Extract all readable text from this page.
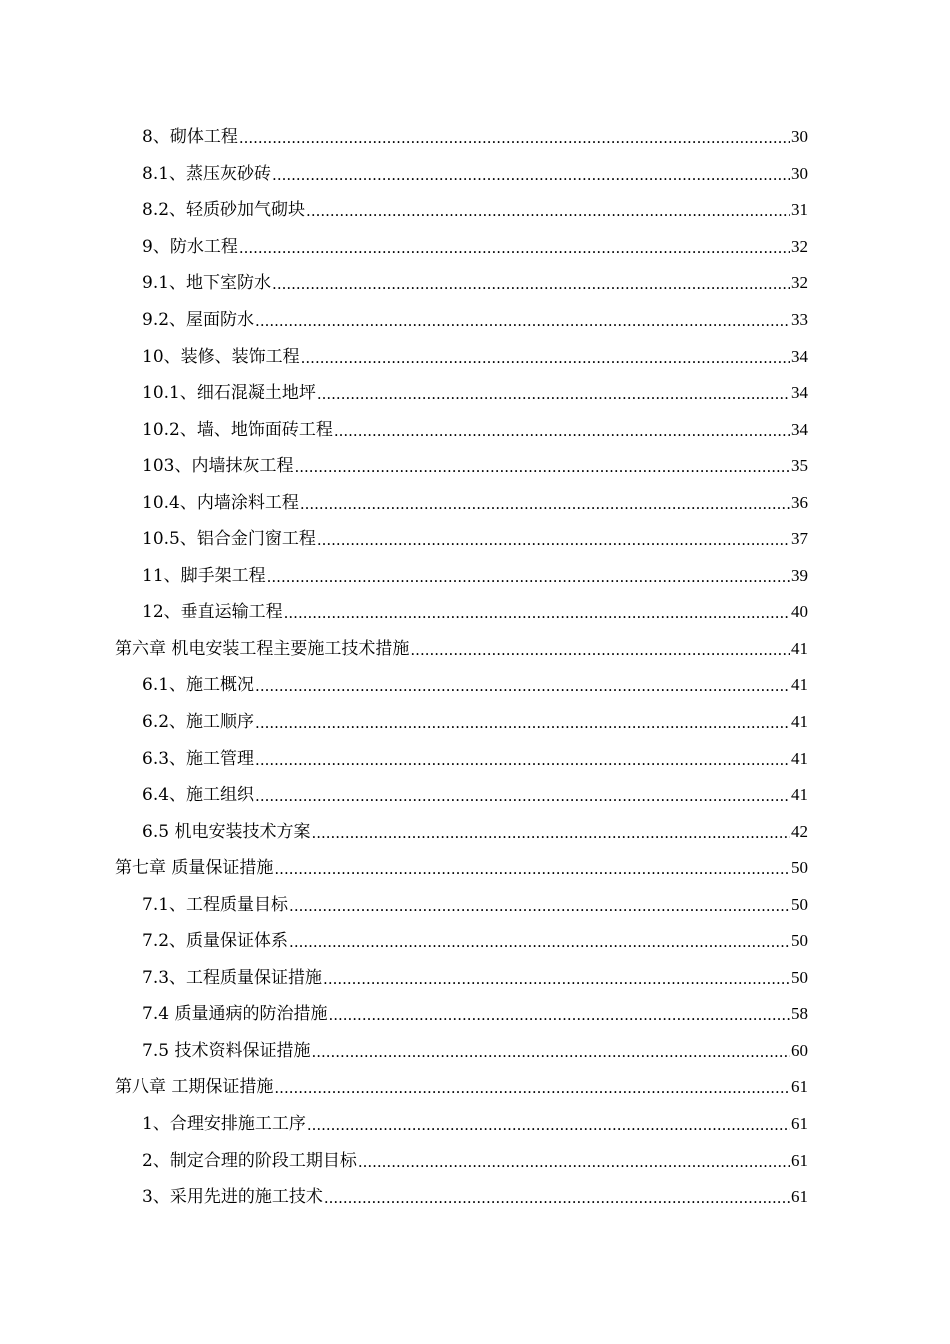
8、砌体工程 .....	30
8.1、蒸压灰砂砖 .....	30
8.2、轻质砂加气砌块 .....	31
9、防水工程 .....	32
9.1、地下室防水 .....	32
9.2、屋面防水 .....	33
10、装修、装饰工程 .....	34
10.1、细石混凝土地坪 .....	34
10.2、墙、地饰面砖工程 .....	34
103、内墙抹灰工程 .....	35
10.4、内墙涂料工程 .....	36
10.5、铝合金门窗工程 .....	37
11、脚手架工程 .....	39
12、垂直运输工程 .....	40
第六章 机电安装工程主要施工技术措施 .....	41
6.1、施工概况 .....	41
6.2、施工顺序 .....	41
6.3、施工管理 .....	41
6.4、施工组织 .....	41
6.5 机电安装技术方案 .....	42
第七章 质量保证措施 .....	50
7.1、工程质量目标 .....	50
7.2、质量保证体系 .....	50
7.3、工程质量保证措施 .....	50
7.4 质量通病的防治措施 .....	58
7.5 技术资料保证措施 .....	60
第八章 工期保证措施 .....	61
1、合理安排施工工序 .....	61
2、制定合理的阶段工期目标 .....	61
3、采用先进的施工技术 .....	61
